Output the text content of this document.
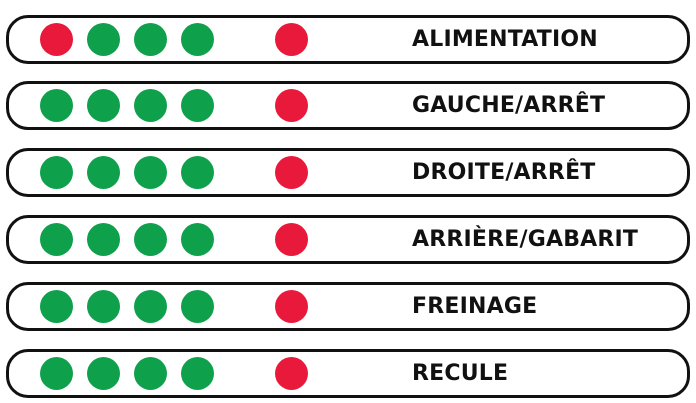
ALIMENTATION
GAUCHE/ARRÊT
DROITE/ARRÊT
ARRIÈRE/GABARIT
FREINAGE
RECULE
